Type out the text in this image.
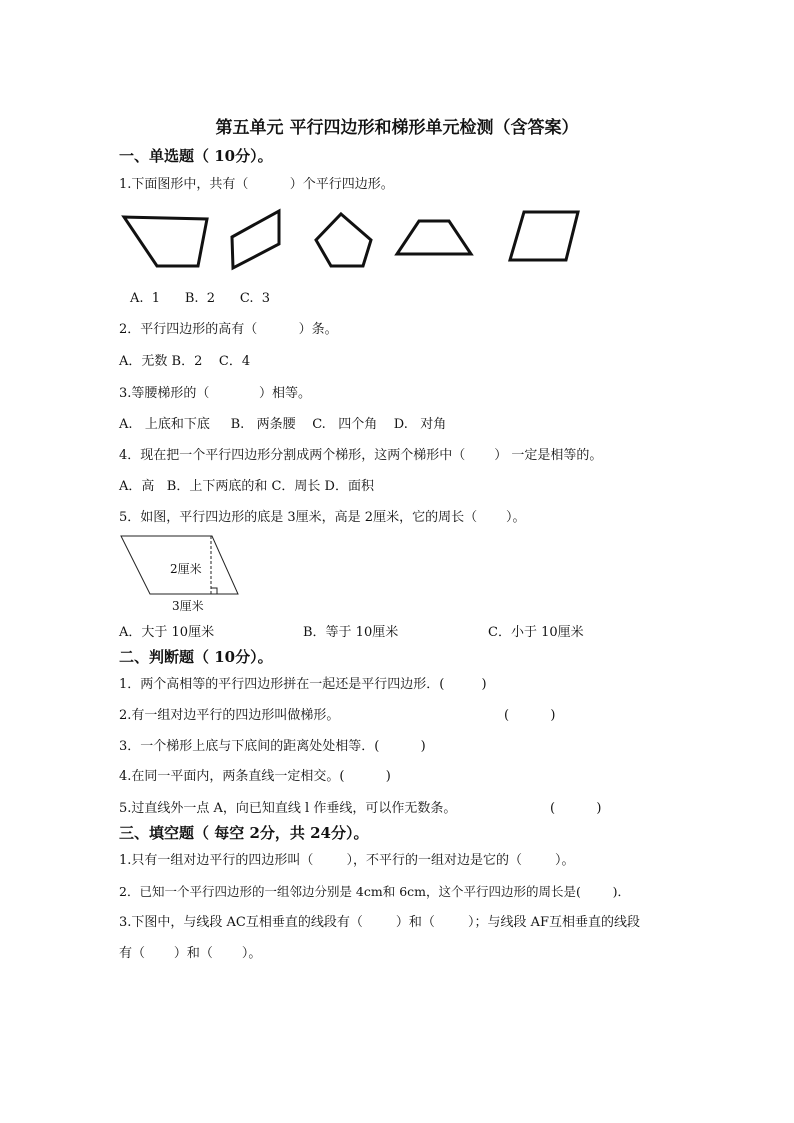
第五单元 平行四边形和梯形单元检测（含答案）
一、单选题（ 10分）。
1.下面图形中，共有（          ）个平行四边形。
A.  1      B.  2      C.  3
2．平行四边形的高有（          ）条。
A．无数 B．2    C．4
3.等腰梯形的（            ）相等。
A.   上底和下底     B.   两条腰    C.   四个角    D.   对角
4．现在把一个平行四边形分割成两个梯形，这两个梯形中（       ） 一定是相等的。
A．高   B．上下两底的和 C．周长 D．面积
5．如图，平行四边形的底是 3厘米，高是 2厘米，它的周长（       ）。
2厘米
3厘米
A．大于 10厘米	B．等于 10厘米	C．小于 10厘米
二、判断题（ 10分）。
1．两个高相等的平行四边形拼在一起还是平行四边形．(         )
2.有一组对边平行的四边形叫做梯形。	(          )
3．一个梯形上底与下底间的距离处处相等．(          )
4.在同一平面内，两条直线一定相交。(          )
5.过直线外一点 A，向已知直线 l 作垂线，可以作无数条。	(          )
三、填空题（ 每空 2分，共 24分）。
1.只有一组对边平行的四边形叫（        ），不平行的一组对边是它的（        ）。
2．已知一个平行四边形的一组邻边分别是 4cm和 6cm，这个平行四边形的周长是(        )．
3.下图中，与线段 AC互相垂直的线段有（        ）和（        ）；与线段 AF互相垂直的线段
有（       ）和（       ）。
